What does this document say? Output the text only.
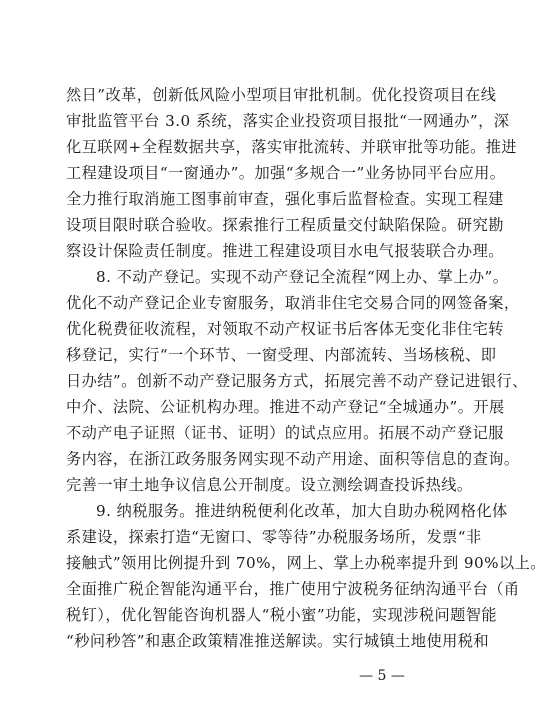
然日”改革，创新低风险小型项目审批机制。优化投资项目在线
审批监管平台 3.0 系统，落实企业投资项目报批“一网通办”，深
化互联网+全程数据共享，落实审批流转、并联审批等功能。推进
工程建设项目“一窗通办”。加强“多规合一”业务协同平台应用。
全力推行取消施工图事前审查，强化事后监督检查。实现工程建
设项目限时联合验收。探索推行工程质量交付缺陷保险。研究勘
察设计保险责任制度。推进工程建设项目水电气报装联合办理。
8. 不动产登记。实现不动产登记全流程“网上办、掌上办”。
优化不动产登记企业专窗服务，取消非住宅交易合同的网签备案，
优化税费征收流程，对领取不动产权证书后客体无变化非住宅转
移登记，实行“一个环节、一窗受理、内部流转、当场核税、即
日办结”。创新不动产登记服务方式，拓展完善不动产登记进银行、
中介、法院、公证机构办理。推进不动产登记“全城通办”。开展
不动产电子证照（证书、证明）的试点应用。拓展不动产登记服
务内容，在浙江政务服务网实现不动产用途、面积等信息的查询。
完善一审土地争议信息公开制度。设立测绘调查投诉热线。
9. 纳税服务。推进纳税便利化改革，加大自助办税网格化体
系建设，探索打造“无窗口、零等待”办税服务场所，发票“非
接触式”领用比例提升到 70%，网上、掌上办税率提升到 90%以上。
全面推广税企智能沟通平台，推广使用宁波税务征纳沟通平台（甬
税钉），优化智能咨询机器人“税小蜜”功能，实现涉税问题智能
“秒问秒答”和惠企政策精准推送解读。实行城镇土地使用税和
— 5 —
